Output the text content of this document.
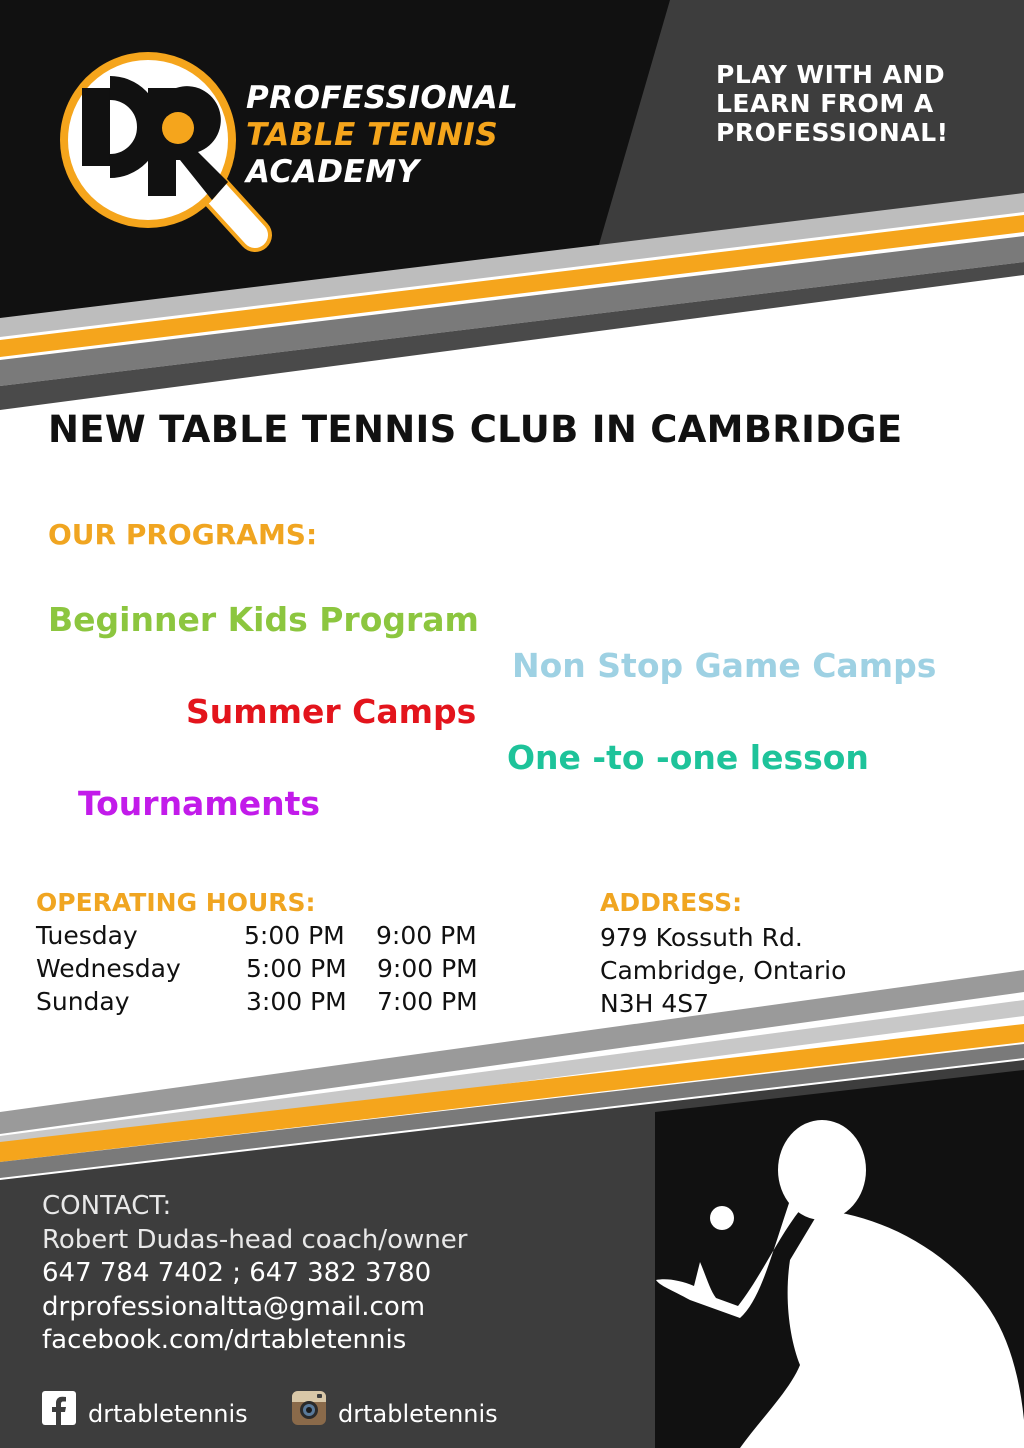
PROFESSIONAL
TABLE TENNIS
ACADEMY
PLAY WITH AND
LEARN FROM A
PROFESSIONAL!
NEW TABLE TENNIS CLUB IN CAMBRIDGE
OUR PROGRAMS:
Beginner Kids Program
Non Stop Game Camps
Summer Camps
One -to -one lesson
Tournaments
OPERATING HOURS:
Tuesday	5:00 PM 9:00 PM
Wednesday	5:00 PM 9:00 PM
Sunday	3:00 PM 7:00 PM
ADDRESS:
979 Kossuth Rd.
Cambridge, Ontario
N3H 4S7
CONTACT:
Robert Dudas-head coach/owner
647 784 7402 ; 647 382 3780
drprofessionaltta@gmail.com
facebook.com/drtabletennis
drtabletennis	drtabletennis
